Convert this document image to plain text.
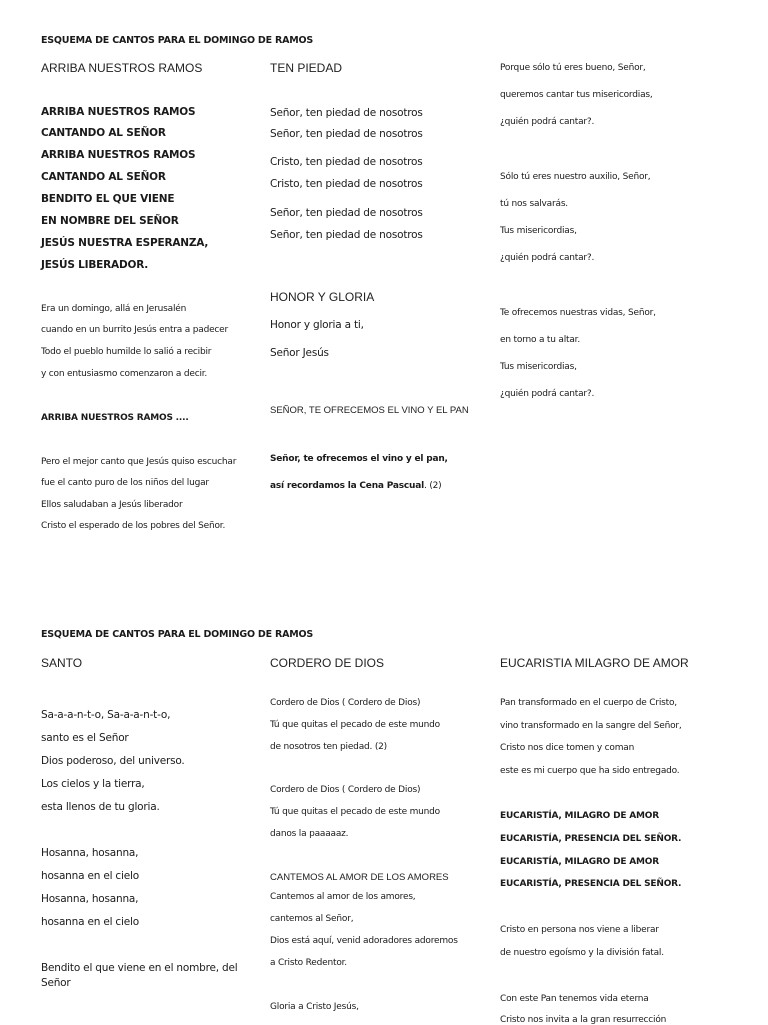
ESQUEMA DE CANTOS PARA EL DOMINGO DE RAMOS
ARRIBA NUESTROS RAMOS
ARRIBA NUESTROS RAMOS
CANTANDO AL SEÑOR
ARRIBA NUESTROS RAMOS
CANTANDO AL SEÑOR
BENDITO EL QUE VIENE
EN NOMBRE DEL SEÑOR
JESÚS NUESTRA ESPERANZA,
JESÚS LIBERADOR.
Era un domingo, allá en Jerusalén
cuando en un burrito Jesús entra a padecer
Todo el pueblo humilde lo salió a recibir
y con entusiasmo comenzaron a decir.
ARRIBA NUESTROS RAMOS ....
Pero el mejor canto que Jesús quiso escuchar
fue el canto puro de los niños del lugar
Ellos saludaban a Jesús liberador
Cristo el esperado de los pobres del Señor.
TEN PIEDAD
Señor, ten piedad de nosotros
Señor, ten piedad de nosotros
Cristo, ten piedad de nosotros
Cristo, ten piedad de nosotros
Señor, ten piedad de nosotros
Señor, ten piedad de nosotros
HONOR Y GLORIA
Honor y gloria a ti,
Señor Jesús
SEÑOR, TE OFRECEMOS EL VINO Y EL PAN
Señor, te ofrecemos el vino y el pan,
así recordamos la Cena Pascual. (2)
Porque sólo tú eres bueno, Señor,
queremos cantar tus misericordias,
¿quién podrá cantar?.
Sólo tú eres nuestro auxilio, Señor,
tú nos salvarás.
Tus misericordias,
¿quién podrá cantar?.
Te ofrecemos nuestras vidas, Señor,
en torno a tu altar.
Tus misericordias,
¿quién podrá cantar?.
ESQUEMA DE CANTOS PARA EL DOMINGO DE RAMOS
SANTO
Sa-a-a-n-t-o, Sa-a-a-n-t-o,
santo es el Señor
Dios poderoso, del universo.
Los cielos y la tierra,
esta llenos de tu gloria.
Hosanna, hosanna,
hosanna en el cielo
Hosanna, hosanna,
hosanna en el cielo
Bendito el que viene en el nombre, del Señor
CORDERO DE DIOS
Cordero de Dios ( Cordero de Dios)
Tú que quitas el pecado de este mundo
de nosotros ten piedad. (2)
Cordero de Dios ( Cordero de Dios)
Tú que quitas el pecado de este mundo
danos la paaaaaz.
CANTEMOS AL AMOR DE LOS AMORES
Cantemos al amor de los amores,
cantemos al Señor,
Dios está aquí, venid adoradores adoremos
a Cristo Redentor.
Gloria a Cristo Jesús,
EUCARISTIA MILAGRO DE AMOR
Pan transformado en el cuerpo de Cristo,
vino transformado en la sangre del Señor,
Cristo nos dice tomen y coman
este es mi cuerpo que ha sido entregado.
EUCARISTÍA, MILAGRO DE AMOR
EUCARISTÍA, PRESENCIA DEL SEÑOR.
EUCARISTÍA, MILAGRO DE AMOR
EUCARISTÍA, PRESENCIA DEL SEÑOR.
Cristo en persona nos viene a liberar
de nuestro egoísmo y la división fatal.
Con este Pan tenemos vida eterna
Cristo nos invita a la gran resurrección
